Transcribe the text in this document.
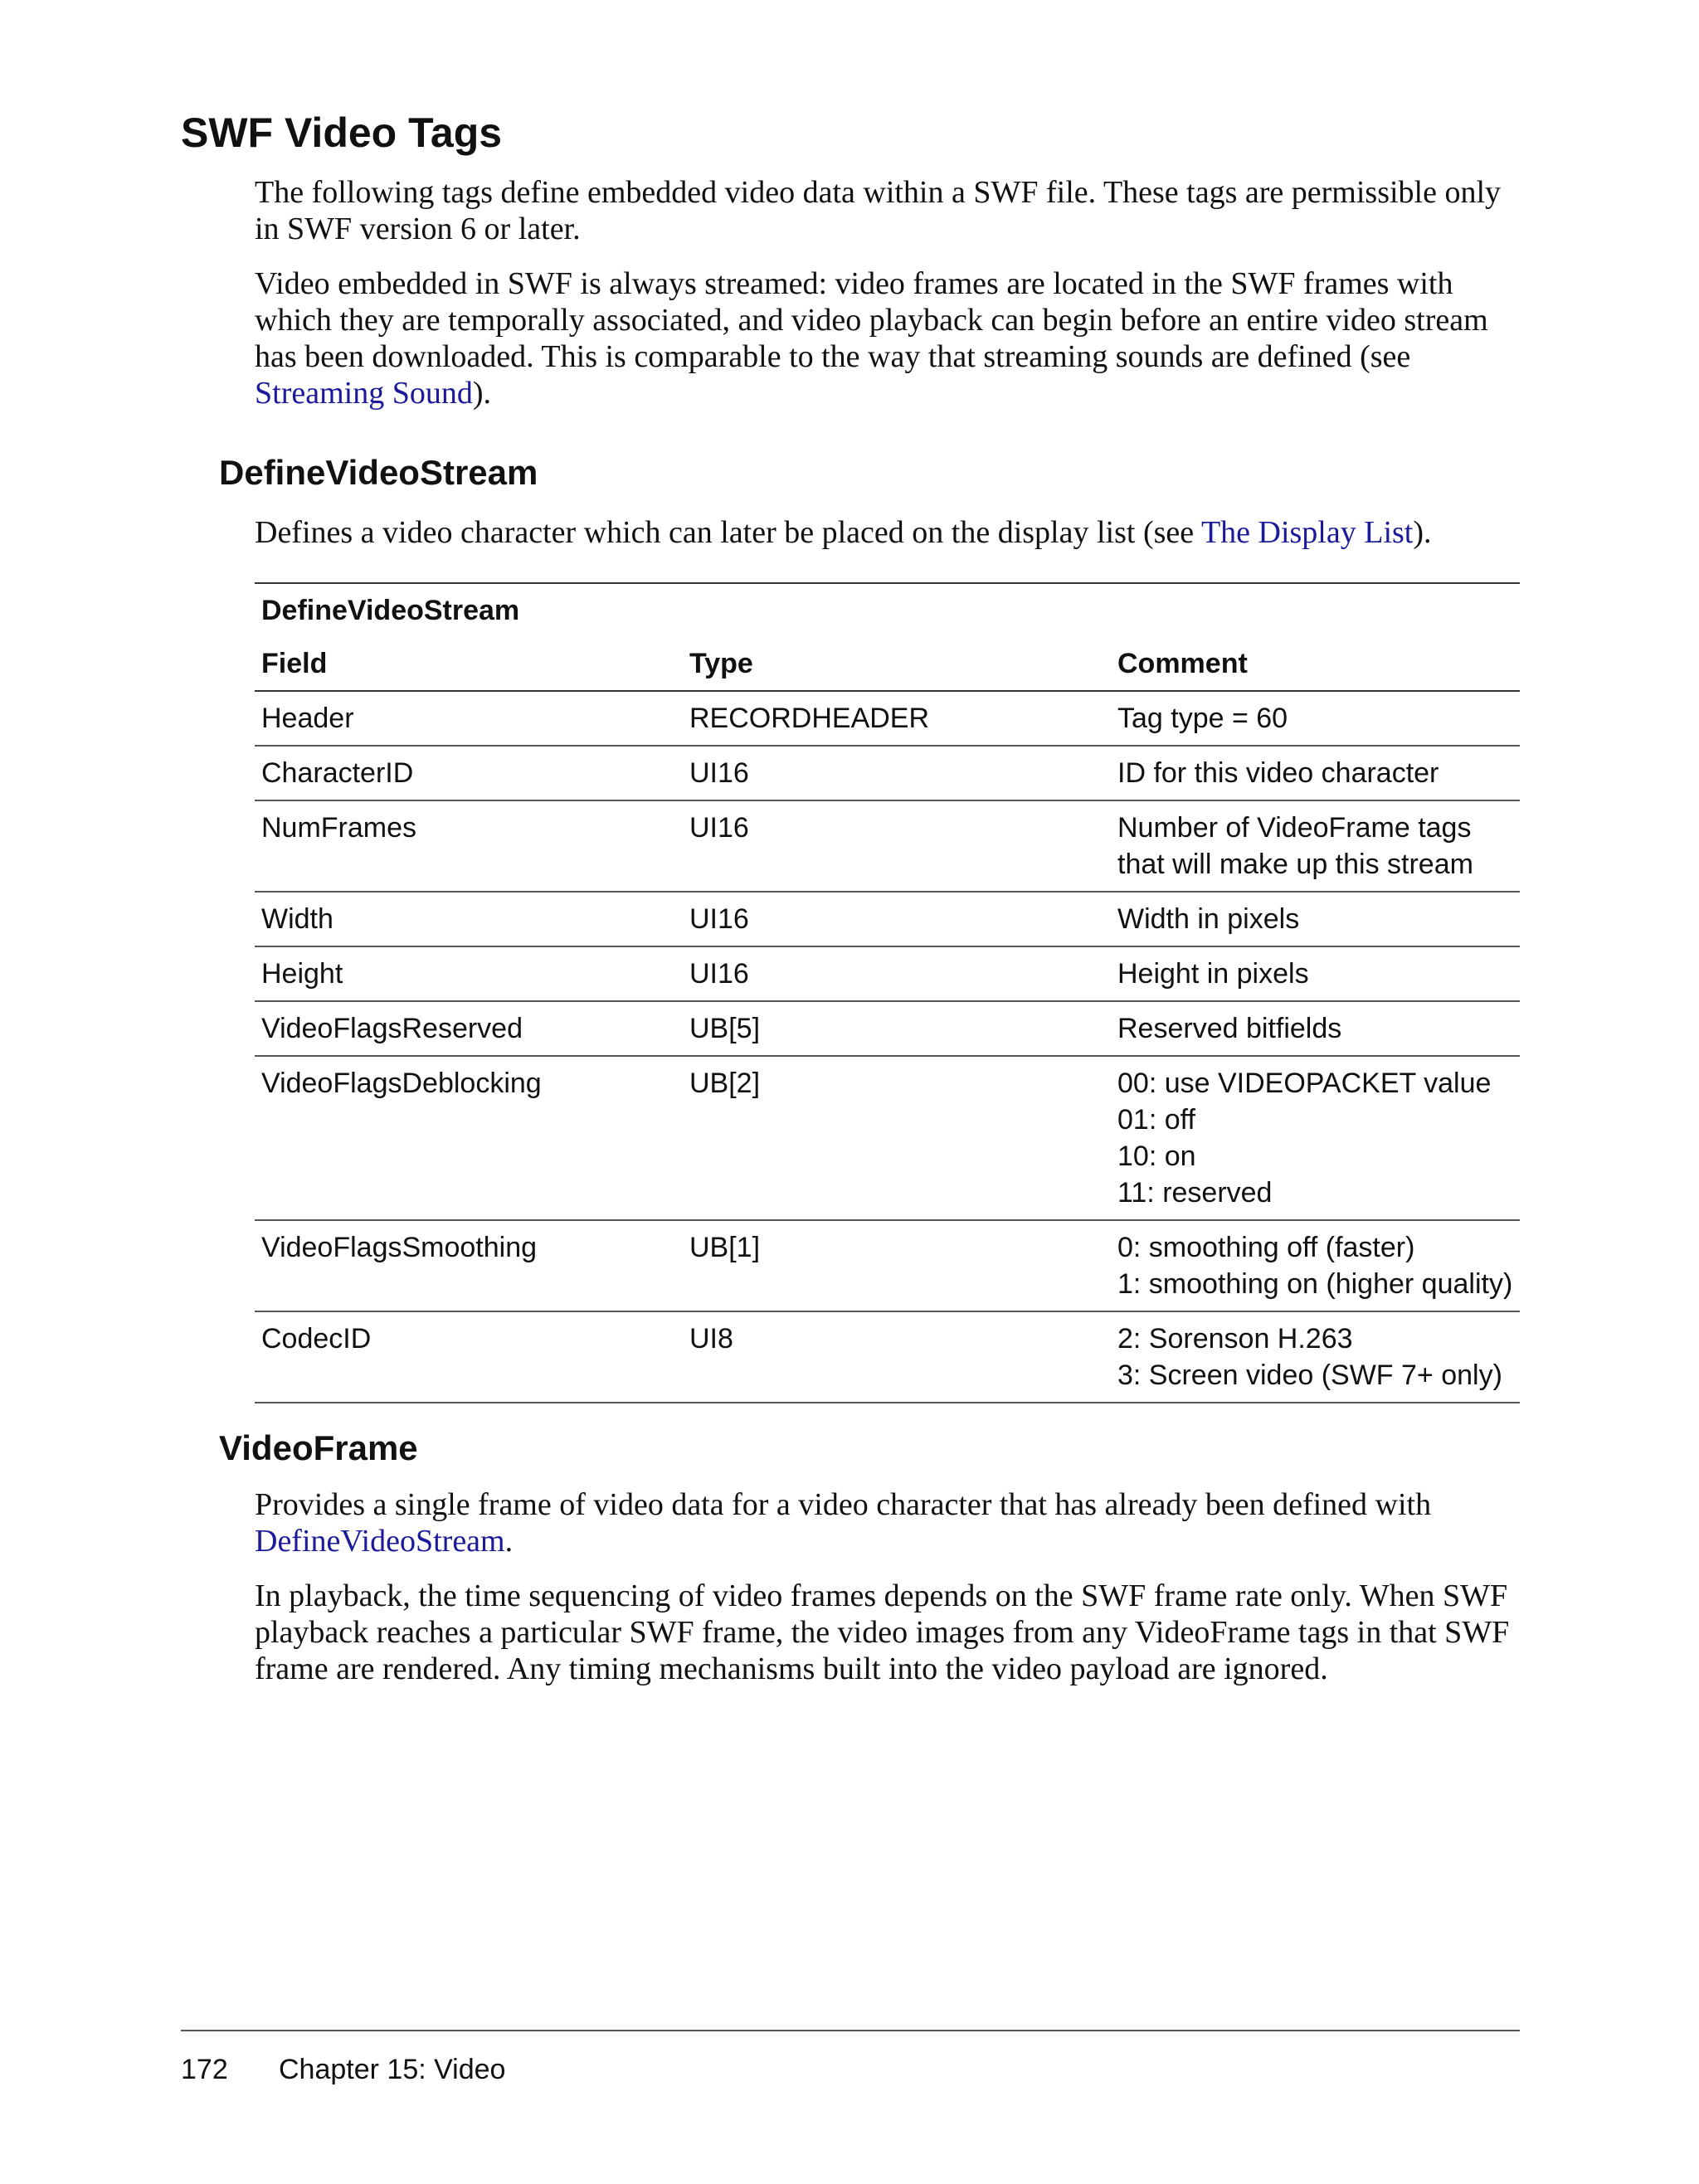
SWF Video Tags

The following tags define embedded video data within a SWF file. These tags are permissible only in SWF version 6 or later.

Video embedded in SWF is always streamed: video frames are located in the SWF frames with which they are temporally associated, and video playback can begin before an entire video stream has been downloaded. This is comparable to the way that streaming sounds are defined (see Streaming Sound).

DefineVideoStream

Defines a video character which can later be placed on the display list (see The Display List).

DefineVideoStream
Field	Type	Comment
Header	RECORDHEADER	Tag type = 60

CharacterID	UI16	ID for this video character

NumFrames	UI16	Number of VideoFrame tags that will make up this stream

Width	UI16	Width in pixels

Height	UI16	Height in pixels

VideoFlagsReserved	UB[5]	Reserved bitfields

VideoFlagsDeblocking	UB[2]	00: use VIDEOPACKET value
01: off
10: on
11: reserved

VideoFlagsSmoothing	UB[1]	0: smoothing off (faster)
1: smoothing on (higher quality)

CodecID	UI8	2: Sorenson H.263
3: Screen video (SWF 7+ only)
VideoFrame

Provides a single frame of video data for a video character that has already been defined with DefineVideoStream.

In playback, the time sequencing of video frames depends on the SWF frame rate only. When SWF playback reaches a particular SWF frame, the video images from any VideoFrame tags in that SWF frame are rendered. Any timing mechanisms built into the video payload are ignored.

172 Chapter 15: Video
